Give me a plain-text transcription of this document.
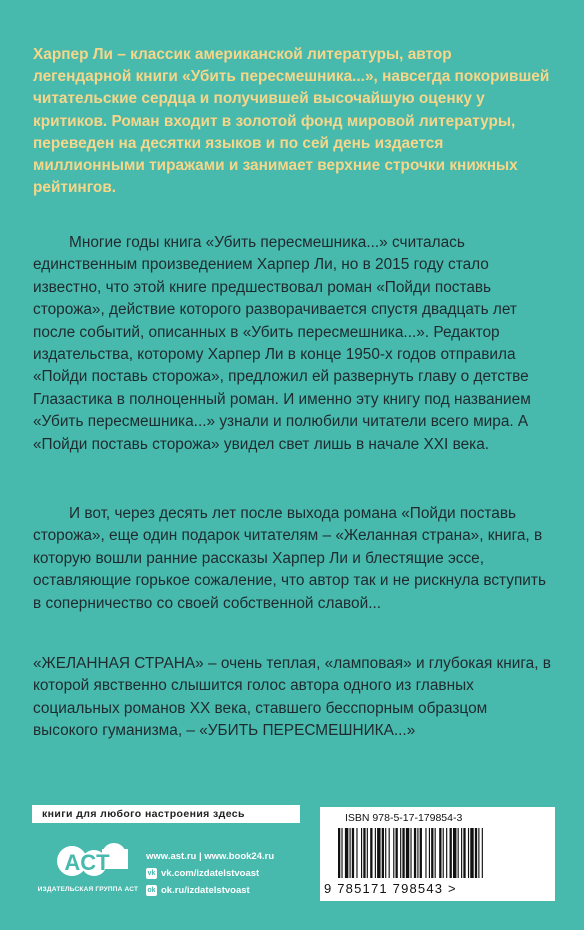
Харпер Ли – классик американской литературы, автор легендарной книги «Убить пересмешника...», навсегда покорившей читательские сердца и получившей высочайшую оценку у критиков. Роман входит в золотой фонд мировой литературы, переведен на десятки языков и по сей день издается миллионными тиражами и занимает верхние строчки книжных рейтингов.

Многие годы книга «Убить пересмешника...» считалась единственным произведением Харпер Ли, но в 2015 году стало известно, что этой книге предшествовал роман «Пойди поставь сторожа», действие которого разворачивается спустя двадцать лет после событий, описанных в «Убить пересмешника...». Редактор издательства, которому Харпер Ли в конце 1950-х годов отправила «Пойди поставь сторожа», предложил ей развернуть главу о детстве Глазастика в полноценный роман. И именно эту книгу под названием «Убить пересмешника...» узнали и полюбили читатели всего мира. А «Пойди поставь сторожа» увидел свет лишь в начале XXI века.

И вот, через десять лет после выхода романа «Пойди поставь сторожа», еще один подарок читателям – «Желанная страна», книга, в которую вошли ранние рассказы Харпер Ли и блестящие эссе, оставляющие горькое сожаление, что автор так и не рискнула вступить в соперничество со своей собственной славой...

«ЖЕЛАННАЯ СТРАНА» – очень теплая, «ламповая» и глубокая книга, в которой явственно слышится голос автора одного из главных социальных романов XX века, ставшего бесспорным образцом высокого гуманизма, – «УБИТЬ ПЕРЕСМЕШНИКА...»

книги для любого настроения здесь
ACT
ИЗДАТЕЛЬСКАЯ ГРУППА АСТ
www.ast.ru | www.book24.ru
vk vk.com/izdatelstvoast
ok ok.ru/izdatelstvoast
ISBN 978-5-17-179854-3
9 785171 798543 >
